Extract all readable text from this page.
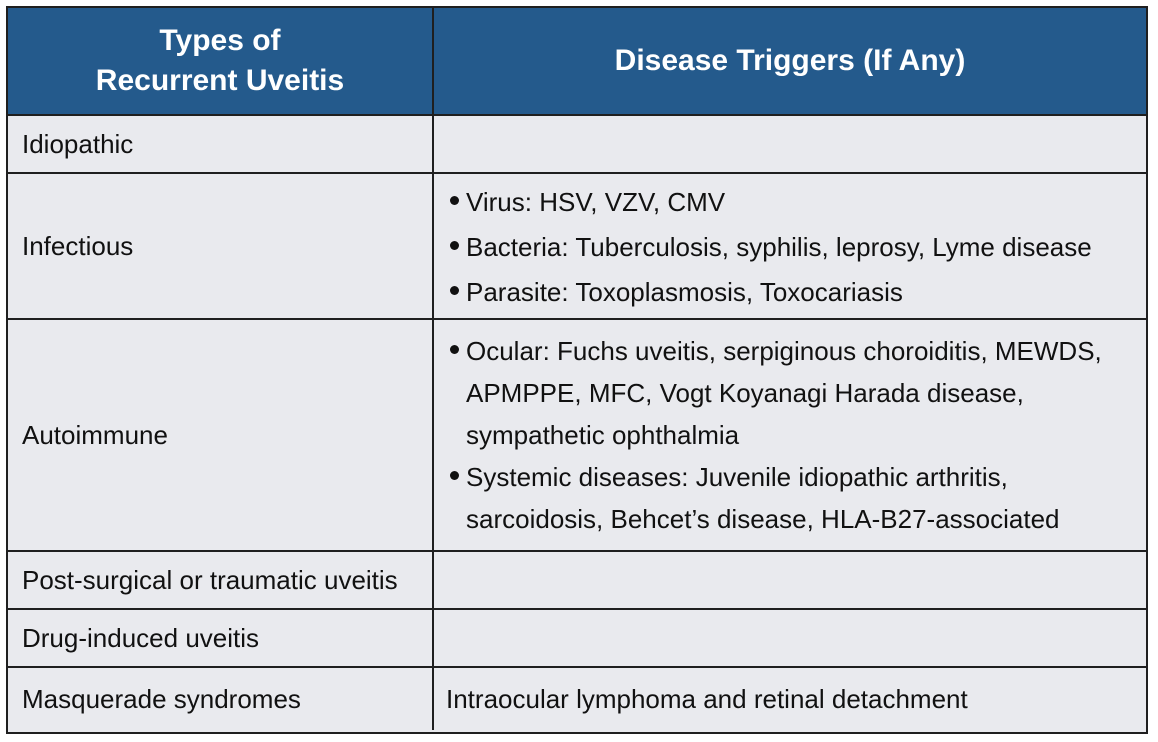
Types of
Recurrent Uveitis
Disease Triggers (If Any)
Idiopathic
Infectious
Virus: HSV, VZV, CMV
Bacteria: Tuberculosis, syphilis, leprosy, Lyme disease
Parasite: Toxoplasmosis, Toxocariasis
Autoimmune
Ocular: Fuchs uveitis, serpiginous choroiditis, MEWDS, APMPPE, MFC, Vogt Koyanagi Harada disease, sympathetic ophthalmia
Systemic diseases: Juvenile idiopathic arthritis, sarcoidosis, Behcet’s disease, HLA-B27-associated
Post-surgical or traumatic uveitis
Drug-induced uveitis
Masquerade syndromes	Intraocular lymphoma and retinal detachment
